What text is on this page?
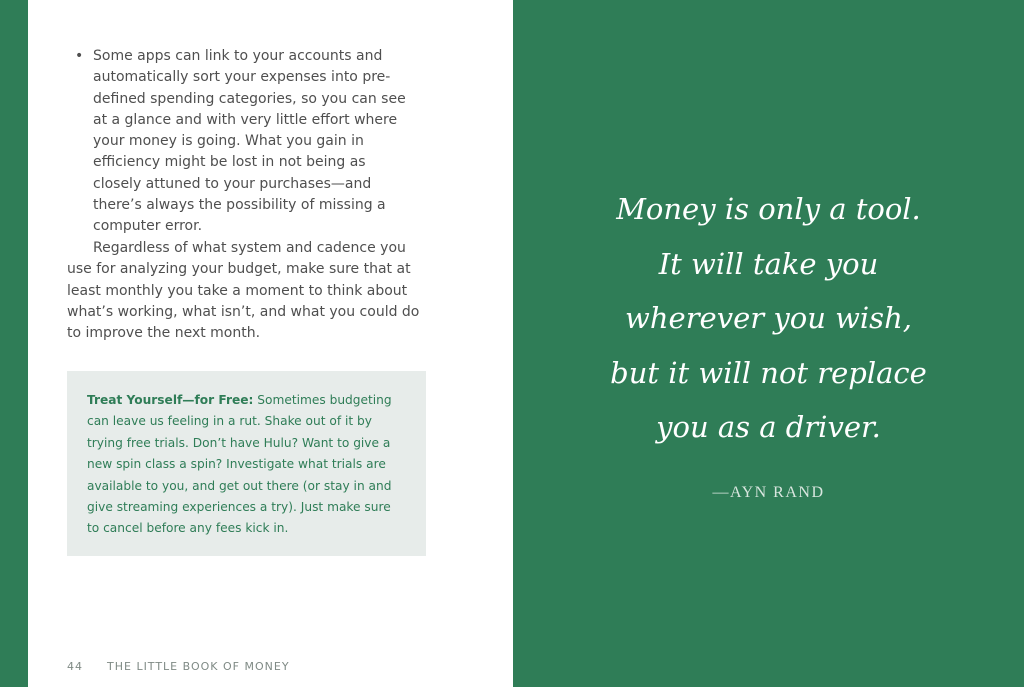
• Some apps can link to your accounts and automatically sort your expenses into pre-defined spending categories, so you can see at a glance and with very little effort where your money is going. What you gain in efficiency might be lost in not being as closely attuned to your purchases—and there’s always the possibility of missing a computer error.

Regardless of what system and cadence you use for analyzing your budget, make sure that at least monthly you take a moment to think about what’s working, what isn’t, and what you could do to improve the next month.

Treat Yourself—for Free: Sometimes budgeting can leave us feeling in a rut. Shake out of it by trying free trials. Don’t have Hulu? Want to give a new spin class a spin? Investigate what trials are available to you, and get out there (or stay in and give streaming experiences a try). Just make sure to cancel before any fees kick in.

44 THE LITTLE BOOK OF MONEY

Money is only a tool.
It will take you
wherever you wish,
but it will not replace
you as a driver.

—AYN RAND
